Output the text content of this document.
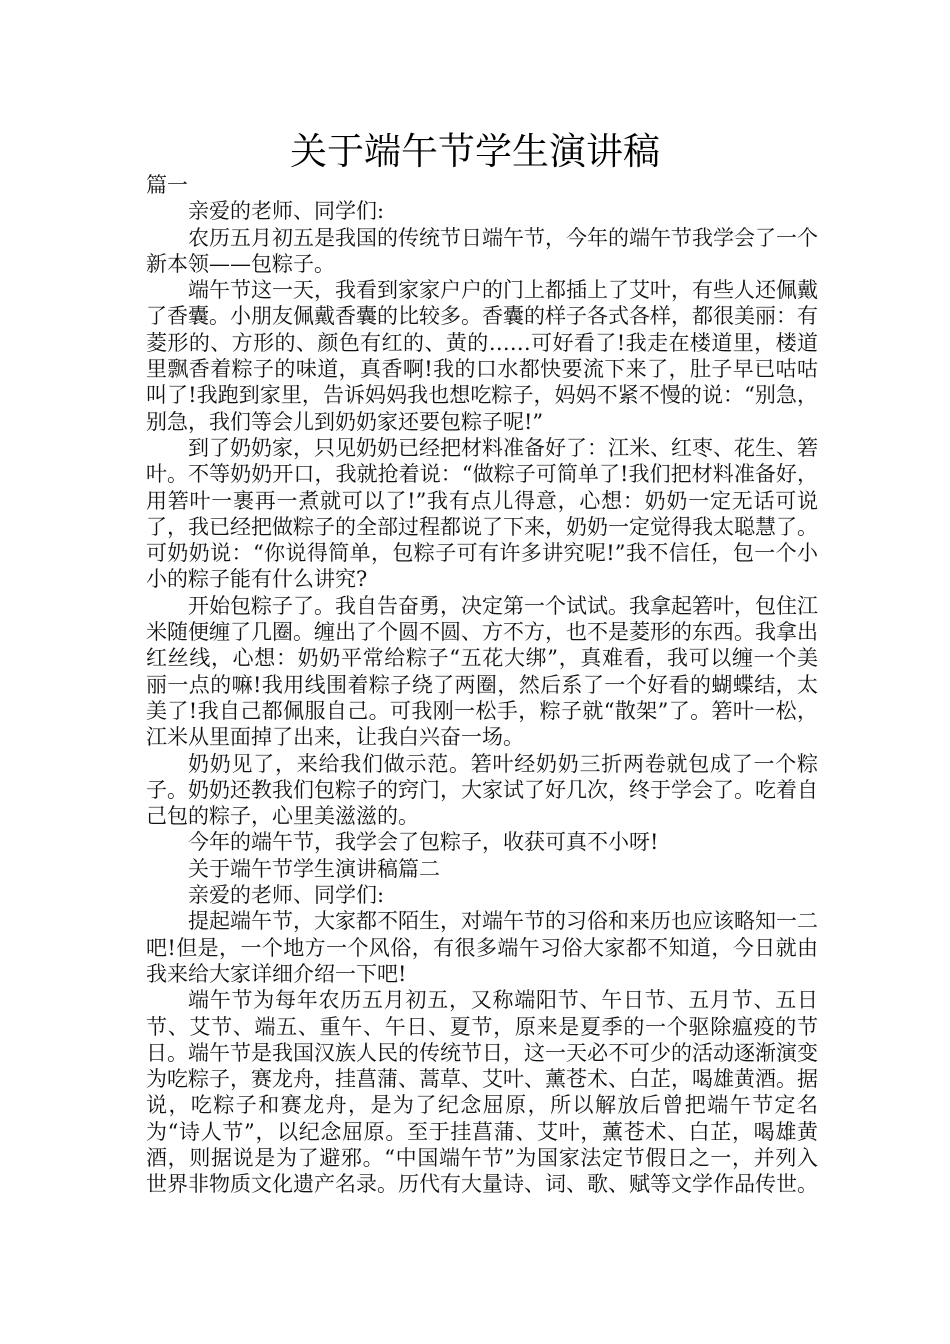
关于端午节学生演讲稿

篇一

亲爱的老师、同学们:

农历五月初五是我国的传统节日端午节，今年的端午节我学会了一个新本领——包粽子。

端午节这一天，我看到家家户户的门上都插上了艾叶，有些人还佩戴了香囊。小朋友佩戴香囊的比较多。香囊的样子各式各样，都很美丽：有菱形的、方形的、颜色有红的、黄的……可好看了!我走在楼道里，楼道里飘香着粽子的味道，真香啊!我的口水都快要流下来了，肚子早已咕咕叫了!我跑到家里，告诉妈妈我也想吃粽子，妈妈不紧不慢的说：“别急，别急，我们等会儿到奶奶家还要包粽子呢!”

到了奶奶家，只见奶奶已经把材料准备好了：江米、红枣、花生、箬叶。不等奶奶开口，我就抢着说：“做粽子可简单了!我们把材料准备好，用箬叶一裹再一煮就可以了!”我有点儿得意，心想：奶奶一定无话可说了，我已经把做粽子的全部过程都说了下来，奶奶一定觉得我太聪慧了。可奶奶说：“你说得简单，包粽子可有许多讲究呢!”我不信任，包一个小小的粽子能有什么讲究?

开始包粽子了。我自告奋勇，决定第一个试试。我拿起箬叶，包住江米随便缠了几圈。缠出了个圆不圆、方不方，也不是菱形的东西。我拿出红丝线，心想：奶奶平常给粽子“五花大绑”，真难看，我可以缠一个美丽一点的嘛!我用线围着粽子绕了两圈，然后系了一个好看的蝴蝶结，太美了!我自己都佩服自己。可我刚一松手，粽子就“散架”了。箬叶一松，江米从里面掉了出来，让我白兴奋一场。

奶奶见了，来给我们做示范。箬叶经奶奶三折两卷就包成了一个粽子。奶奶还教我们包粽子的窍门，大家试了好几次，终于学会了。吃着自己包的粽子，心里美滋滋的。

今年的端午节，我学会了包粽子，收获可真不小呀!

关于端午节学生演讲稿篇二

亲爱的老师、同学们:

提起端午节，大家都不陌生，对端午节的习俗和来历也应该略知一二吧!但是，一个地方一个风俗，有很多端午习俗大家都不知道，今日就由我来给大家详细介绍一下吧!

端午节为每年农历五月初五，又称端阳节、午日节、五月节、五日节、艾节、端五、重午、午日、夏节，原来是夏季的一个驱除瘟疫的节日。端午节是我国汉族人民的传统节日，这一天必不可少的活动逐渐演变为吃粽子，赛龙舟，挂菖蒲、蒿草、艾叶、薰苍术、白芷，喝雄黄酒。据说，吃粽子和赛龙舟，是为了纪念屈原，所以解放后曾把端午节定名为“诗人节”，以纪念屈原。至于挂菖蒲、艾叶，薰苍术、白芷，喝雄黄酒，则据说是为了避邪。“中国端午节”为国家法定节假日之一，并列入世界非物质文化遗产名录。历代有大量诗、词、歌、赋等文学作品传世。
